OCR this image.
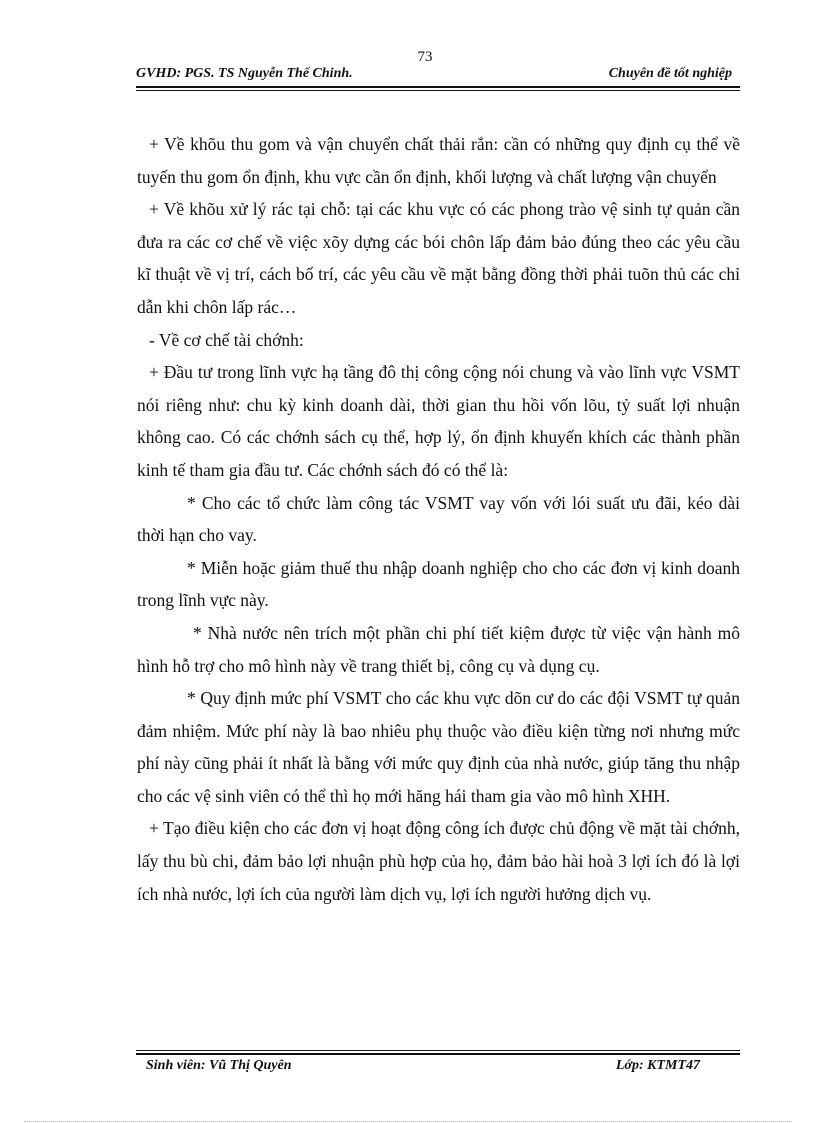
73
GVHD: PGS. TS Nguyễn Thế Chinh.	Chuyên đề tốt nghiệp

+ Về khõu thu gom và vận chuyển chất thải rắn: cần có những quy định cụ thể về tuyến thu gom ổn định, khu vực cần ổn định, khối lượng và chất lượng vận chuyển

+ Về khõu xử lý rác tại chỗ: tại các khu vực có các phong trào vệ sinh tự quản cần đưa ra các cơ chế về việc xõy dựng các bói chôn lấp đảm bảo đúng theo các yêu cầu kĩ thuật về vị trí, cách bố trí, các yêu cầu về mặt bằng đồng thời phải tuõn thủ các chỉ dẫn khi chôn lấp rác…

- Về cơ chế tài chớnh:

+ Đầu tư trong lĩnh vực hạ tầng đô thị công cộng nói chung và vào lĩnh vực VSMT nói riêng như: chu kỳ kinh doanh dài, thời gian thu hồi vốn lõu, tỷ suất lợi nhuận không cao. Có các chớnh sách cụ thể, hợp lý, ổn định khuyến khích các thành phần kinh tế tham gia đầu tư. Các chớnh sách đó có thể là:

* Cho các tổ chức làm công tác VSMT vay vốn với lói suất ưu đãi, kéo dài thời hạn cho vay.

* Miễn hoặc giảm thuế thu nhập doanh nghiệp cho cho các đơn vị kinh doanh trong lĩnh vực này.

* Nhà nước nên trích một phần chi phí tiết kiệm được từ việc vận hành mô hình hỗ trợ cho mô hình này về trang thiết bị, công cụ và dụng cụ.

* Quy định mức phí VSMT cho các khu vực dõn cư do các đội VSMT tự quản đảm nhiệm. Mức phí này là bao nhiêu phụ thuộc vào điều kiện từng nơi nhưng mức phí này cũng phải ít nhất là bằng với mức quy định của nhà nước, giúp tăng thu nhập cho các vệ sinh viên có thể thì họ mới hăng hái tham gia vào mô hình XHH.

+ Tạo điều kiện cho các đơn vị hoạt động công ích được chủ động về mặt tài chớnh, lấy thu bù chi, đảm bảo lợi nhuận phù hợp của họ, đảm bảo hài hoà 3 lợi ích đó là lợi ích nhà nước, lợi ích của người làm dịch vụ, lợi ích người hưởng dịch vụ.

Sinh viên: Vũ Thị Quyên	Lớp: KTMT47
